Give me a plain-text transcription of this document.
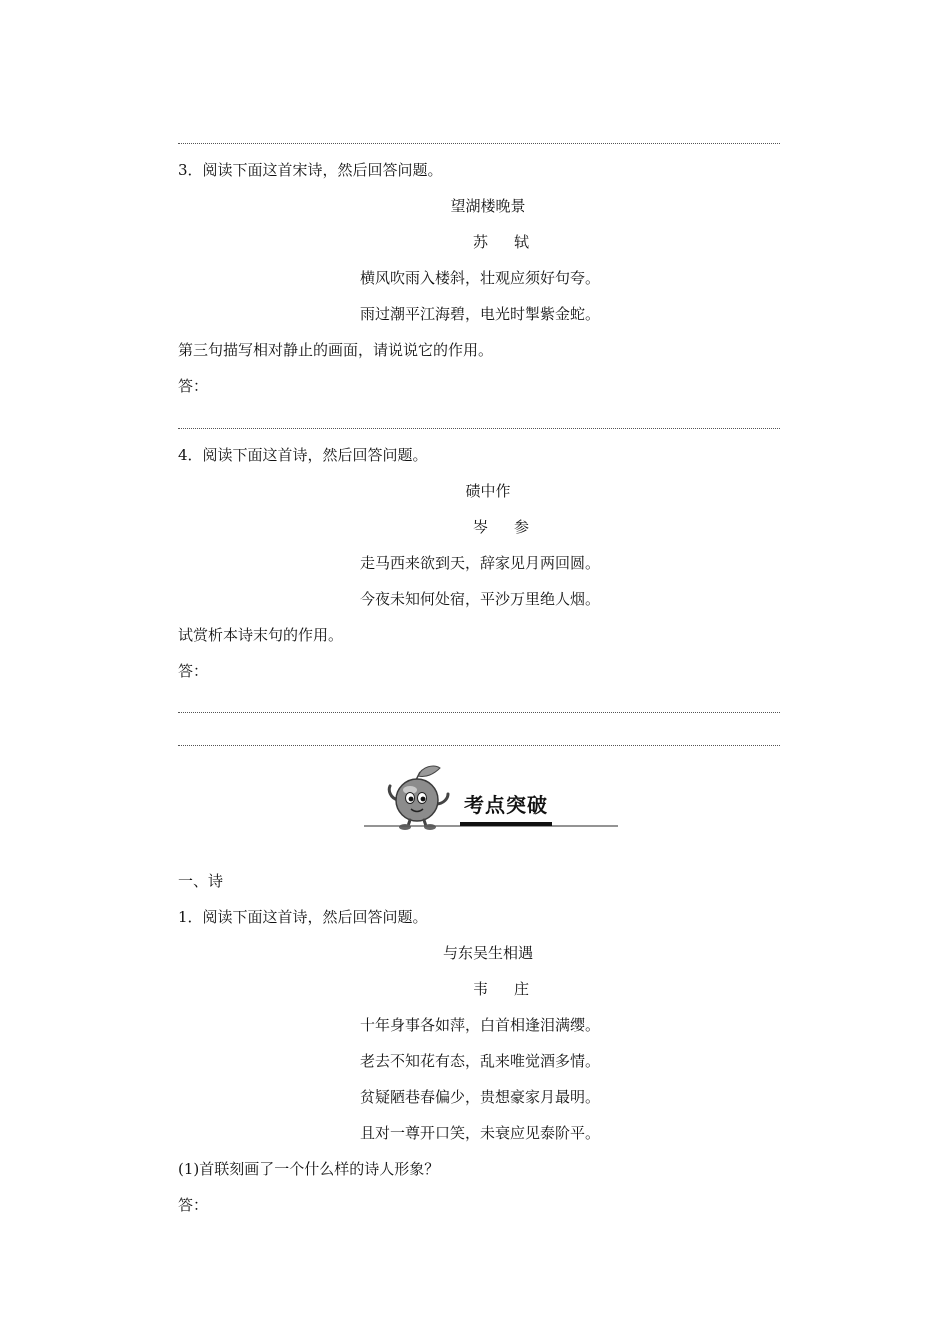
3．阅读下面这首宋诗，然后回答问题。
望湖楼晚景
苏轼
横风吹雨入楼斜，壮观应须好句夸。
雨过潮平江海碧，电光时掣紫金蛇。
第三句描写相对静止的画面，请说说它的作用。
答：
4．阅读下面这首诗，然后回答问题。
碛中作
岑参
走马西来欲到天，辞家见月两回圆。
今夜未知何处宿，平沙万里绝人烟。
试赏析本诗末句的作用。
答：
考点突破
一、诗
1．阅读下面这首诗，然后回答问题。
与东吴生相遇
韦庄
十年身事各如萍，白首相逢泪满缨。
老去不知花有态，乱来唯觉酒多情。
贫疑陋巷春偏少，贵想豪家月最明。
且对一尊开口笑，未衰应见泰阶平。
(1)首联刻画了一个什么样的诗人形象？
答：
